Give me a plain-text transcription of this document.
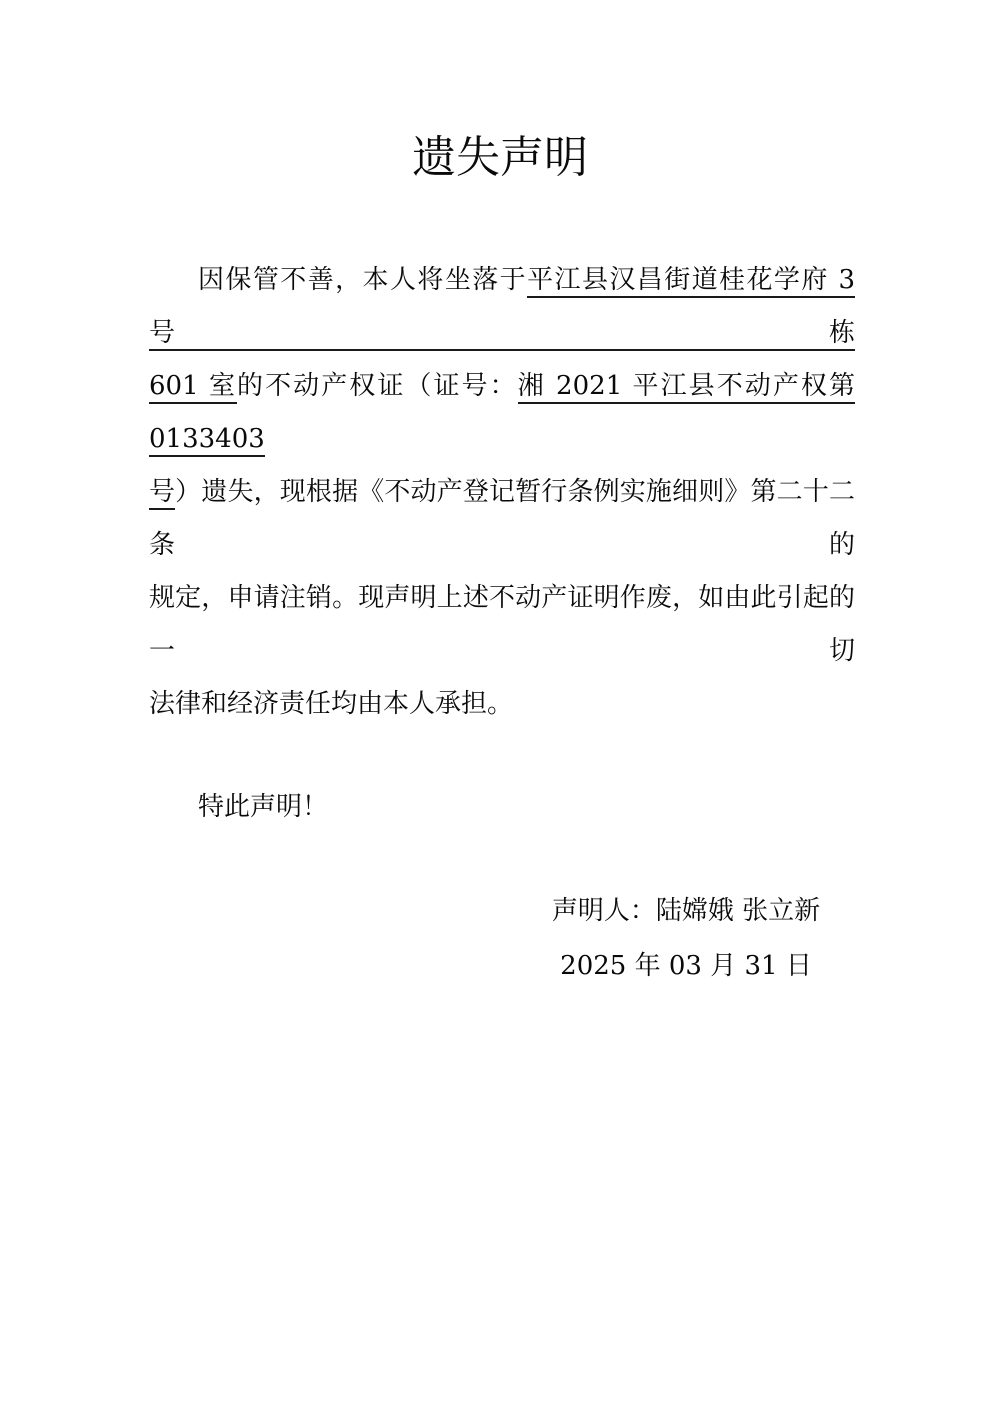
遗失声明
因保管不善，本人将坐落于平江县汉昌街道桂花学府 3 号栋
601 室的不动产权证（证号：湘 2021 平江县不动产权第 0133403
号）遗失，现根据《不动产登记暂行条例实施细则》第二十二条的
规定，申请注销。现声明上述不动产证明作废，如由此引起的一切
法律和经济责任均由本人承担。
特此声明！
声明人：陆嫦娥 张立新
2025 年 03 月 31 日
